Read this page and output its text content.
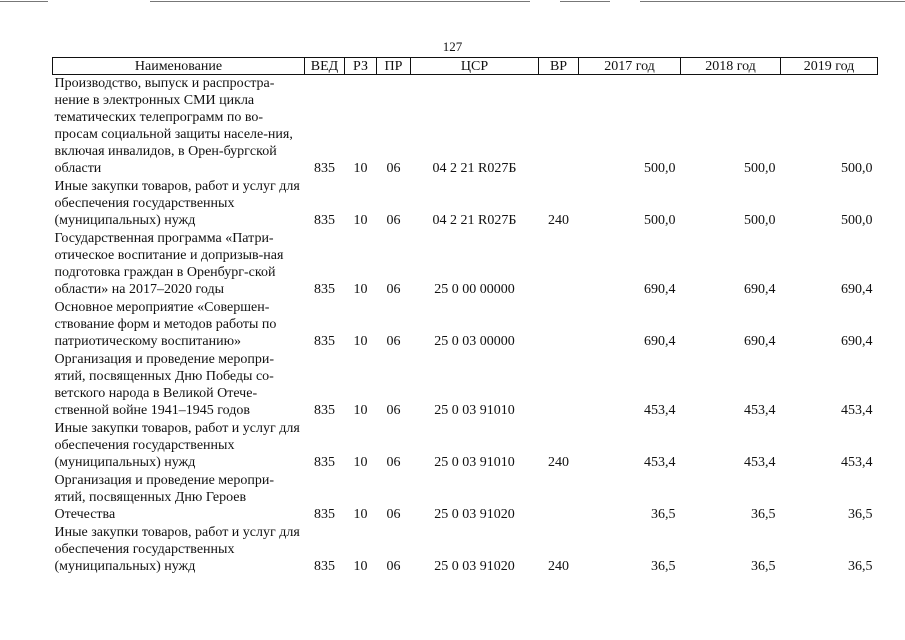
127
Наименование	ВЕД	РЗ	ПР	ЦСР	ВР	2017 год	2018 год	2019 год
Производство, выпуск и распростра-нение в электронных СМИ цикла тематических телепрограмм по во-просам социальной защиты населе-ния, включая инвалидов, в Орен-бургской области	835	10	06	04 2 21 R027Б		500,0	500,0	500,0
Иные закупки товаров, работ и услуг для обеспечения государственных (муниципальных) нужд	835	10	06	04 2 21 R027Б	240	500,0	500,0	500,0
Государственная программа «Патри-отическое воспитание и допризыв-ная подготовка граждан в Оренбург-ской области» на 2017–2020 годы	835	10	06	25 0 00 00000		690,4	690,4	690,4
Основное мероприятие «Совершен-ствование форм и методов работы по патриотическому воспитанию»	835	10	06	25 0 03 00000		690,4	690,4	690,4
Организация и проведение меропри-ятий, посвященных Дню Победы со-ветского народа в Великой Отече-ственной войне 1941–1945 годов	835	10	06	25 0 03 91010		453,4	453,4	453,4
Иные закупки товаров, работ и услуг для обеспечения государственных (муниципальных) нужд	835	10	06	25 0 03 91010	240	453,4	453,4	453,4
Организация и проведение меропри-ятий, посвященных Дню Героев Отечества	835	10	06	25 0 03 91020		36,5	36,5	36,5
Иные закупки товаров, работ и услуг для обеспечения государственных (муниципальных) нужд	835	10	06	25 0 03 91020	240	36,5	36,5	36,5
